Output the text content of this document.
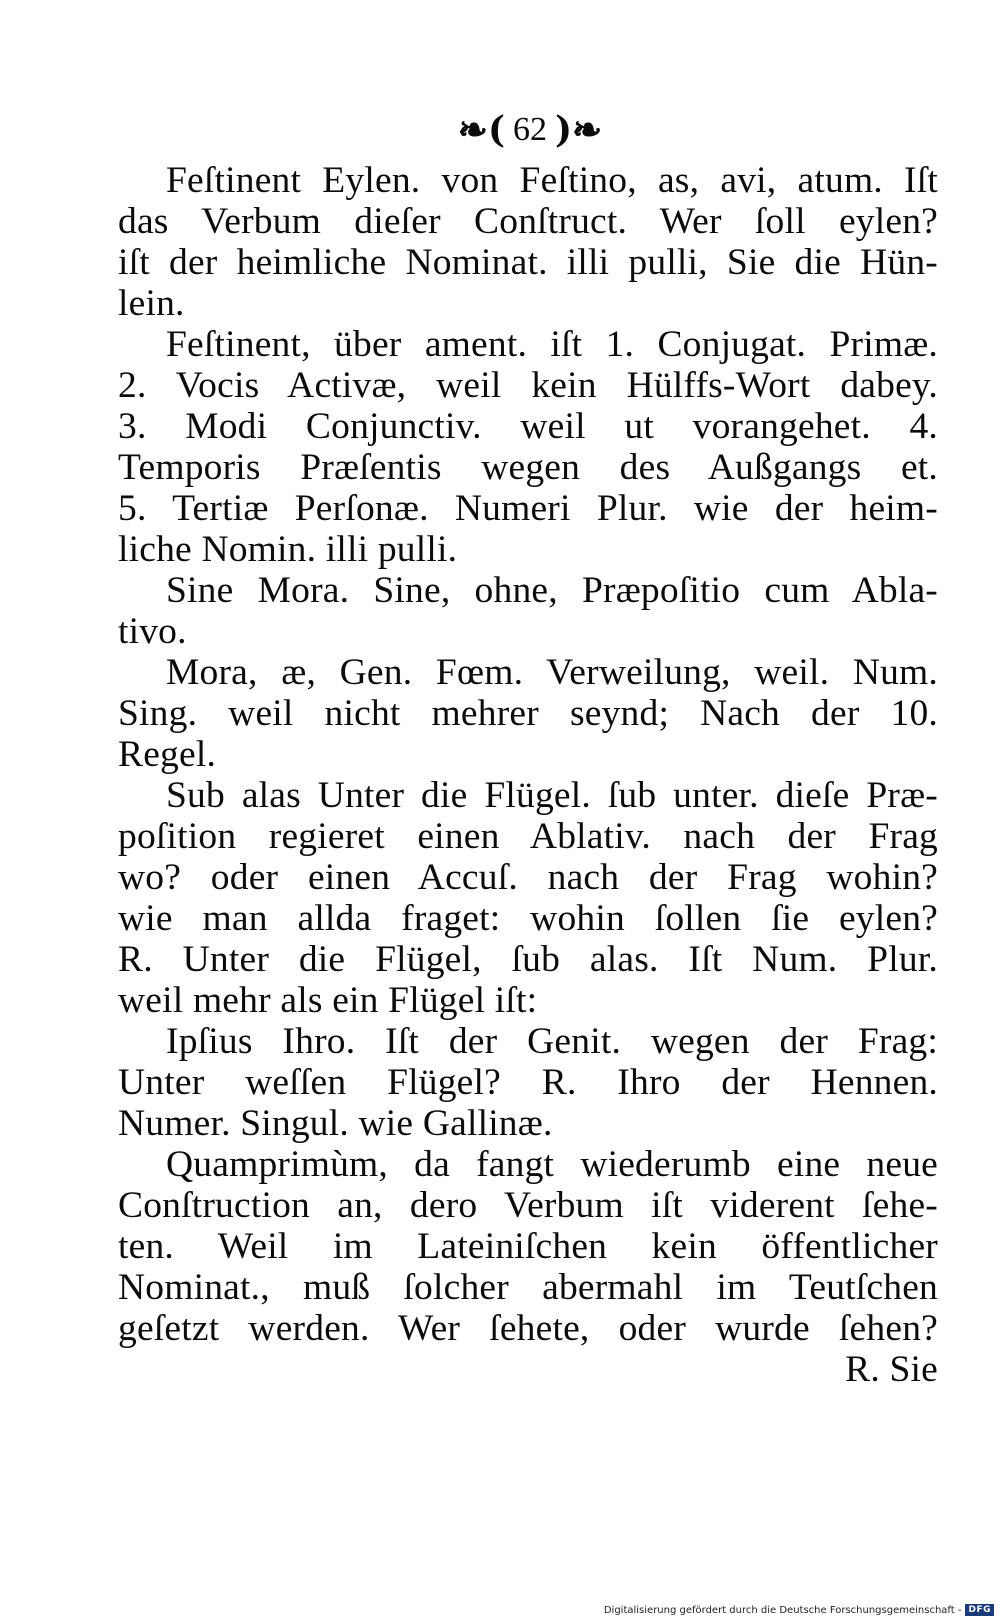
❧( 62 )❧
Feſtinent Eylen. von Feſtino, as, avi, atum. Iſt
das Verbum dieſer Conſtruct. Wer ſoll eylen?
iſt der heimliche Nominat. illi pulli, Sie die Hün-
lein.
Feſtinent, über ament. iſt 1. Conjugat. Primæ.
2. Vocis Activæ, weil kein Hülffs-Wort dabey.
3. Modi Conjunctiv. weil ut vorangehet. 4.
Temporis Præſentis wegen des Außgangs et.
5. Tertiæ Perſonæ. Numeri Plur. wie der heim-
liche Nomin. illi pulli.
Sine Mora. Sine, ohne, Præpoſitio cum Abla-
tivo.
Mora, æ, Gen. Fœm. Verweilung, weil. Num.
Sing. weil nicht mehrer seynd; Nach der 10.
Regel.
Sub alas Unter die Flügel. ſub unter. dieſe Præ-
poſition regieret einen Ablativ. nach der Frag
wo? oder einen Accuſ. nach der Frag wohin?
wie man allda fraget: wohin ſollen ſie eylen?
R. Unter die Flügel, ſub alas. Iſt Num. Plur.
weil mehr als ein Flügel iſt:
Ipſius Ihro. Iſt der Genit. wegen der Frag:
Unter weſſen Flügel? R. Ihro der Hennen.
Numer. Singul. wie Gallinæ.
Quamprimùm, da fangt wiederumb eine neue
Conſtruction an, dero Verbum iſt viderent ſehe-
ten. Weil im Lateiniſchen kein öffentlicher
Nominat., muß ſolcher abermahl im Teutſchen
geſetzt werden. Wer ſehete, oder wurde ſehen?
R. Sie
Digitalisierung gefördert durch die Deutsche Forschungsgemeinschaft - DFG
